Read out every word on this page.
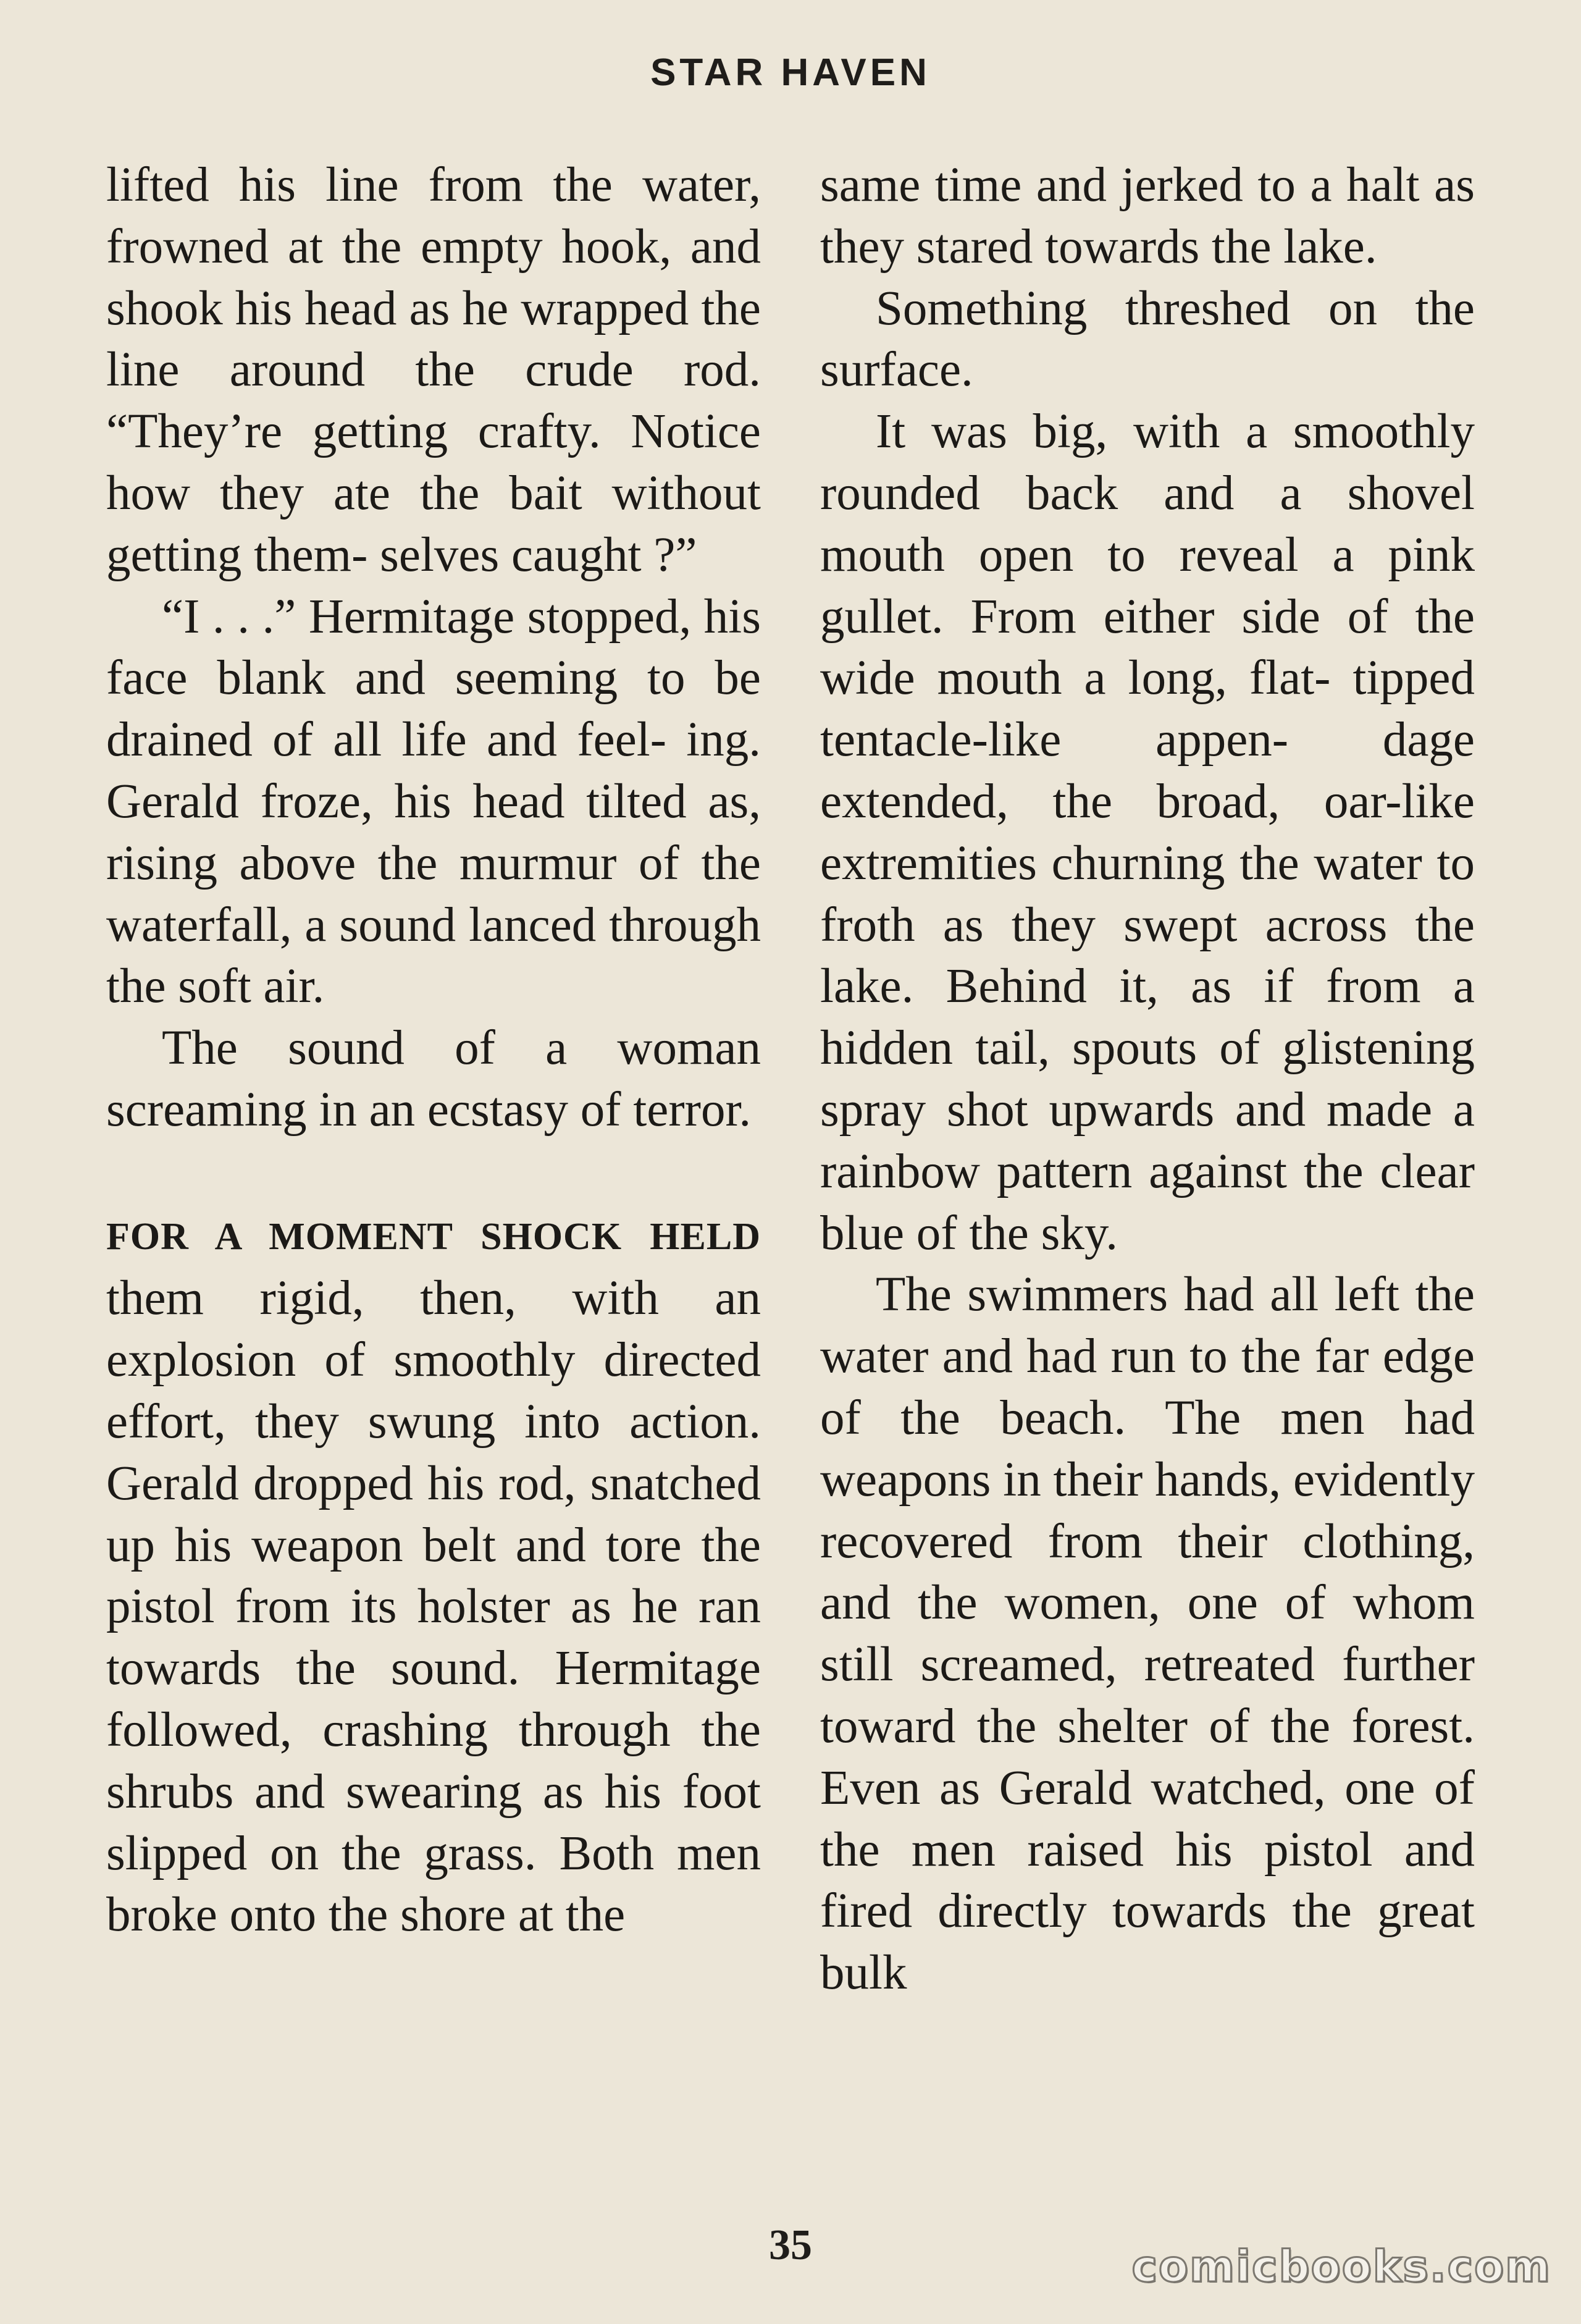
STAR HAVEN

lifted his line from the water, frowned at the empty hook, and shook his head as he wrapped the line around the crude rod. “They’re getting crafty. Notice how they ate the bait without getting them- selves caught ?”

“I . . .” Hermitage stopped, his face blank and seeming to be drained of all life and feel- ing. Gerald froze, his head tilted as, rising above the murmur of the waterfall, a sound lanced through the soft air.

The sound of a woman screaming in an ecstasy of terror.

FOR A MOMENT SHOCK HELD them rigid, then, with an explosion of smoothly directed effort, they swung into action. Gerald dropped his rod, snatched up his weapon belt and tore the pistol from its holster as he ran towards the sound. Hermitage followed, crashing through the shrubs and swearing as his foot slipped on the grass. Both men broke onto the shore at the

same time and jerked to a halt as they stared towards the lake.

Something threshed on the surface.

It was big, with a smoothly rounded back and a shovel mouth open to reveal a pink gullet. From either side of the wide mouth a long, flat- tipped tentacle-like appen- dage extended, the broad, oar-like extremities churning the water to froth as they swept across the lake. Behind it, as if from a hidden tail, spouts of glistening spray shot upwards and made a rainbow pattern against the clear blue of the sky.

The swimmers had all left the water and had run to the far edge of the beach. The men had weapons in their hands, evidently recovered from their clothing, and the women, one of whom still screamed, retreated further toward the shelter of the forest. Even as Gerald watched, one of the men raised his pistol and fired directly towards the great bulk

35	comicbooks.com
